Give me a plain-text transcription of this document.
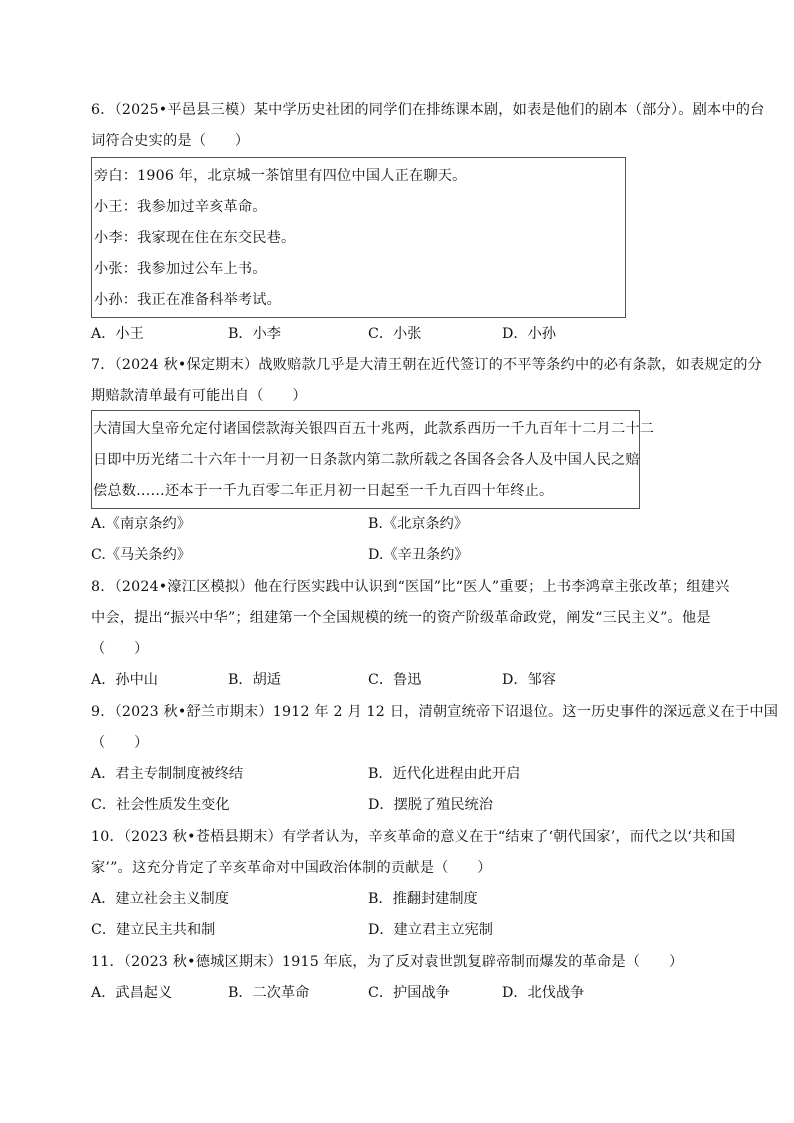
6．（2025•平邑县三模）某中学历史社团的同学们在排练课本剧，如表是他们的剧本（部分）。剧本中的台
词符合史实的是（　　）
旁白：1906 年，北京城一茶馆里有四位中国人正在聊天。
小王：我参加过辛亥革命。
小李：我家现在住在东交民巷。
小张：我参加过公车上书。
小孙：我正在准备科举考试。
A．小王	B．小李	C．小张	D．小孙
7．（2024 秋•保定期末）战败赔款几乎是大清王朝在近代签订的不平等条约中的必有条款，如表规定的分
期赔款清单最有可能出自（　　）
大清国大皇帝允定付诸国偿款海关银四百五十兆两，此款系西历一千九百年十二月二十二
日即中历光绪二十六年十一月初一日条款内第二款所载之各国各会各人及中国人民之赔
偿总数……还本于一千九百零二年正月初一日起至一千九百四十年终止。
A.《南京条约》	B.《北京条约》
C.《马关条约》	D.《辛丑条约》
8．（2024•濠江区模拟）他在行医实践中认识到“医国”比“医人”重要；上书李鸿章主张改革；组建兴
中会，提出“振兴中华”；组建第一个全国规模的统一的资产阶级革命政党，阐发“三民主义”。他是
（　　）
A．孙中山	B．胡适	C．鲁迅	D．邹容
9．（2023 秋•舒兰市期末）1912 年 2 月 12 日，清朝宣统帝下诏退位。这一历史事件的深远意义在于中国
（　　）
A．君主专制制度被终结	B．近代化进程由此开启
C．社会性质发生变化	D．摆脱了殖民统治
10．（2023 秋•苍梧县期末）有学者认为，辛亥革命的意义在于“结束了‘朝代国家’，而代之以‘共和国
家’”。这充分肯定了辛亥革命对中国政治体制的贡献是（　　）
A．建立社会主义制度	B．推翻封建制度
C．建立民主共和制	D．建立君主立宪制
11．（2023 秋•德城区期末）1915 年底，为了反对袁世凯复辟帝制而爆发的革命是（　　）
A．武昌起义	B．二次革命	C．护国战争	D．北伐战争
